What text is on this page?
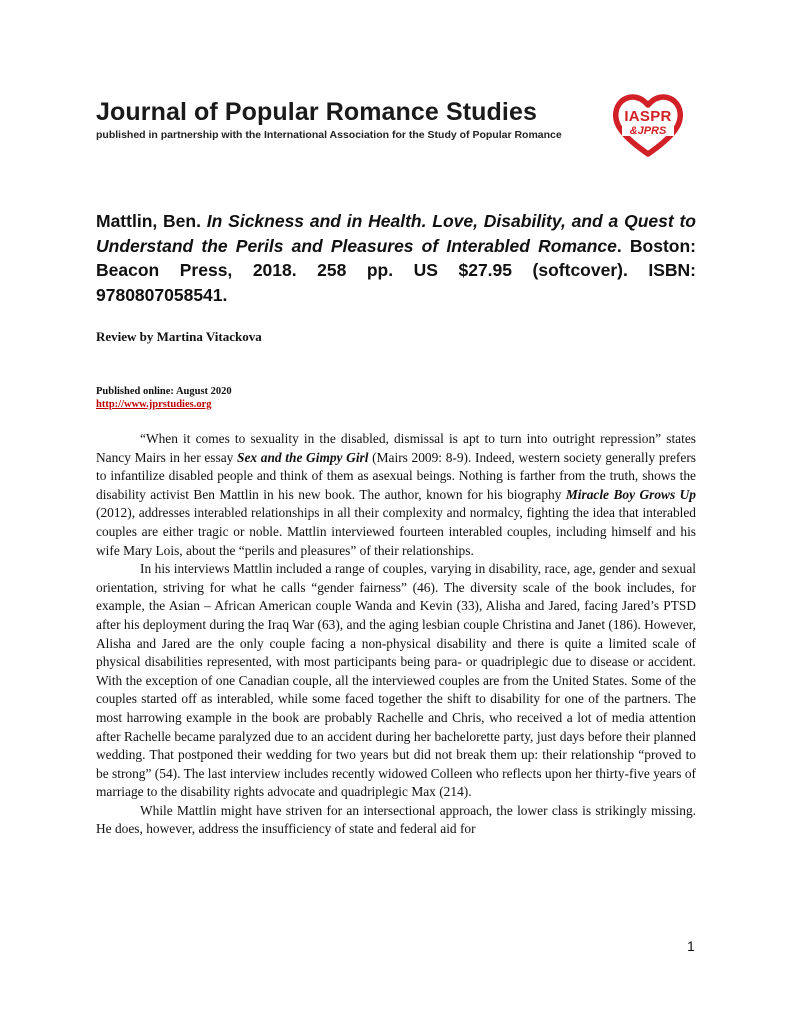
Journal of Popular Romance Studies
published in partnership with the International Association for the Study of Popular Romance
IASPR
&JPRS
Mattlin, Ben. In Sickness and in Health. Love, Disability, and a Quest to Understand the Perils and Pleasures of Interabled Romance. Boston: Beacon Press, 2018. 258 pp. US $27.95 (softcover). ISBN: 9780807058541.
Review by Martina Vitackova
Published online: August 2020
http://www.jprstudies.org

“When it comes to sexuality in the disabled, dismissal is apt to turn into outright repression” states Nancy Mairs in her essay Sex and the Gimpy Girl (Mairs 2009: 8-9). Indeed, western society generally prefers to infantilize disabled people and think of them as asexual beings. Nothing is farther from the truth, shows the disability activist Ben Mattlin in his new book. The author, known for his biography Miracle Boy Grows Up (2012), addresses interabled relationships in all their complexity and normalcy, fighting the idea that interabled couples are either tragic or noble. Mattlin interviewed fourteen interabled couples, including himself and his wife Mary Lois, about the “perils and pleasures” of their relationships.

In his interviews Mattlin included a range of couples, varying in disability, race, age, gender and sexual orientation, striving for what he calls “gender fairness” (46). The diversity scale of the book includes, for example, the Asian – African American couple Wanda and Kevin (33), Alisha and Jared, facing Jared’s PTSD after his deployment during the Iraq War (63), and the aging lesbian couple Christina and Janet (186). However, Alisha and Jared are the only couple facing a non-physical disability and there is quite a limited scale of physical disabilities represented, with most participants being para- or quadriplegic due to disease or accident. With the exception of one Canadian couple, all the interviewed couples are from the United States. Some of the couples started off as interabled, while some faced together the shift to disability for one of the partners. The most harrowing example in the book are probably Rachelle and Chris, who received a lot of media attention after Rachelle became paralyzed due to an accident during her bachelorette party, just days before their planned wedding. That postponed their wedding for two years but did not break them up: their relationship “proved to be strong” (54). The last interview includes recently widowed Colleen who reflects upon her thirty-five years of marriage to the disability rights advocate and quadriplegic Max (214).

While Mattlin might have striven for an intersectional approach, the lower class is strikingly missing. He does, however, address the insufficiency of state and federal aid for

1
